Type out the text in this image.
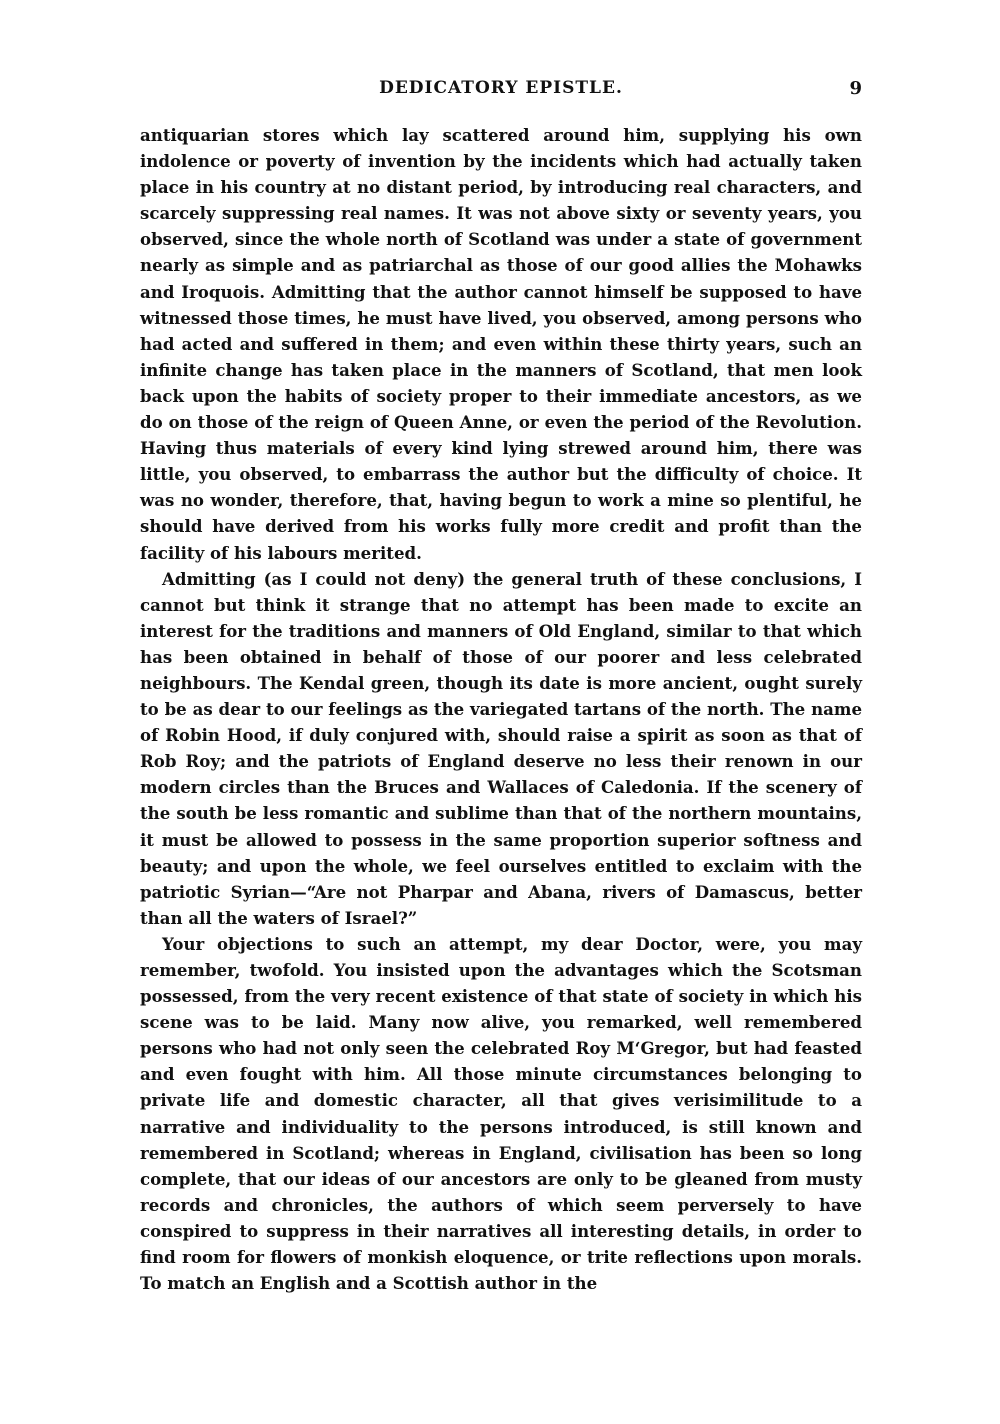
DEDICATORY EPISTLE.	9

antiquarian stores which lay scattered around him, supplying his own indolence or poverty of invention by the incidents which had actually taken place in his country at no distant period, by introducing real characters, and scarcely suppressing real names. It was not above sixty or seventy years, you observed, since the whole north of Scotland was under a state of government nearly as simple and as patriarchal as those of our good allies the Mohawks and Iroquois. Admitting that the author cannot himself be supposed to have witnessed those times, he must have lived, you observed, among persons who had acted and suffered in them; and even within these thirty years, such an infinite change has taken place in the manners of Scotland, that men look back upon the habits of society proper to their immediate ancestors, as we do on those of the reign of Queen Anne, or even the period of the Revolution. Having thus materials of every kind lying strewed around him, there was little, you observed, to embarrass the author but the difficulty of choice. It was no wonder, therefore, that, having begun to work a mine so plentiful, he should have derived from his works fully more credit and profit than the facility of his labours merited.

Admitting (as I could not deny) the general truth of these conclusions, I cannot but think it strange that no attempt has been made to excite an interest for the traditions and manners of Old England, similar to that which has been obtained in behalf of those of our poorer and less celebrated neighbours. The Kendal green, though its date is more ancient, ought surely to be as dear to our feelings as the variegated tartans of the north. The name of Robin Hood, if duly conjured with, should raise a spirit as soon as that of Rob Roy; and the patriots of England deserve no less their renown in our modern circles than the Bruces and Wallaces of Caledonia. If the scenery of the south be less romantic and sublime than that of the northern mountains, it must be allowed to possess in the same proportion superior softness and beauty; and upon the whole, we feel ourselves entitled to exclaim with the patriotic Syrian—“Are not Pharpar and Abana, rivers of Damascus, better than all the waters of Israel?”

Your objections to such an attempt, my dear Doctor, were, you may remember, twofold. You insisted upon the advantages which the Scotsman possessed, from the very recent existence of that state of society in which his scene was to be laid. Many now alive, you remarked, well remembered persons who had not only seen the celebrated Roy M‘Gregor, but had feasted and even fought with him. All those minute circumstances belonging to private life and domestic character, all that gives verisimilitude to a narrative and individuality to the persons introduced, is still known and remembered in Scotland; whereas in England, civilisation has been so long complete, that our ideas of our ancestors are only to be gleaned from musty records and chronicles, the authors of which seem perversely to have conspired to suppress in their narratives all interesting details, in order to find room for flowers of monkish eloquence, or trite reflections upon morals. To match an English and a Scottish author in the
